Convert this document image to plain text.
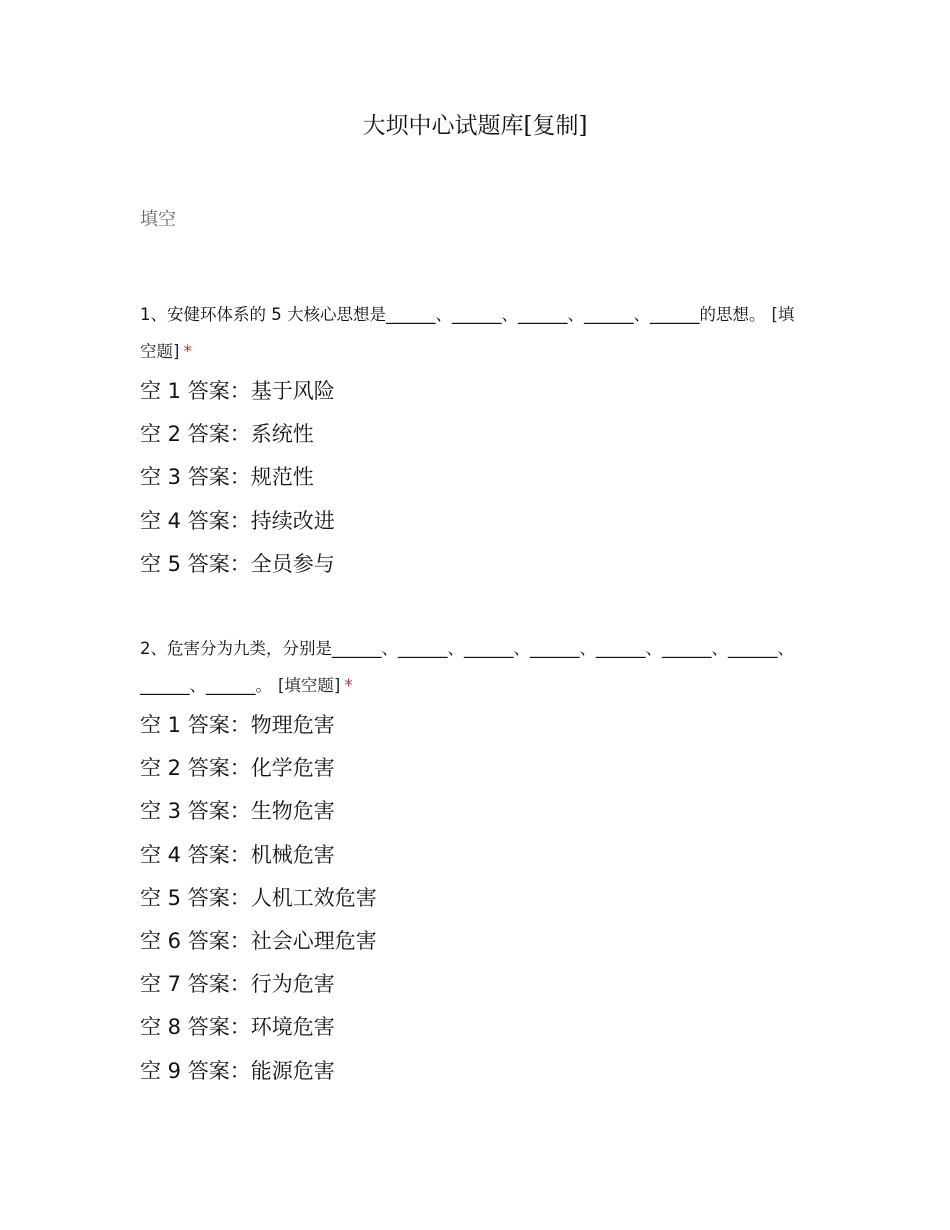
大坝中心试题库[复制]
填空

1、安健环体系的 5 大核心思想是______、______、______、______、______的思想。 [填空题] *

空 1 答案：基于风险
空 2 答案：系统性
空 3 答案：规范性
空 4 答案：持续改进
空 5 答案：全员参与

2、危害分为九类，分别是______、______、______、______、______、______、______、______、______。 [填空题] *

空 1 答案：物理危害
空 2 答案：化学危害
空 3 答案：生物危害
空 4 答案：机械危害
空 5 答案：人机工效危害
空 6 答案：社会心理危害
空 7 答案：行为危害
空 8 答案：环境危害
空 9 答案：能源危害
